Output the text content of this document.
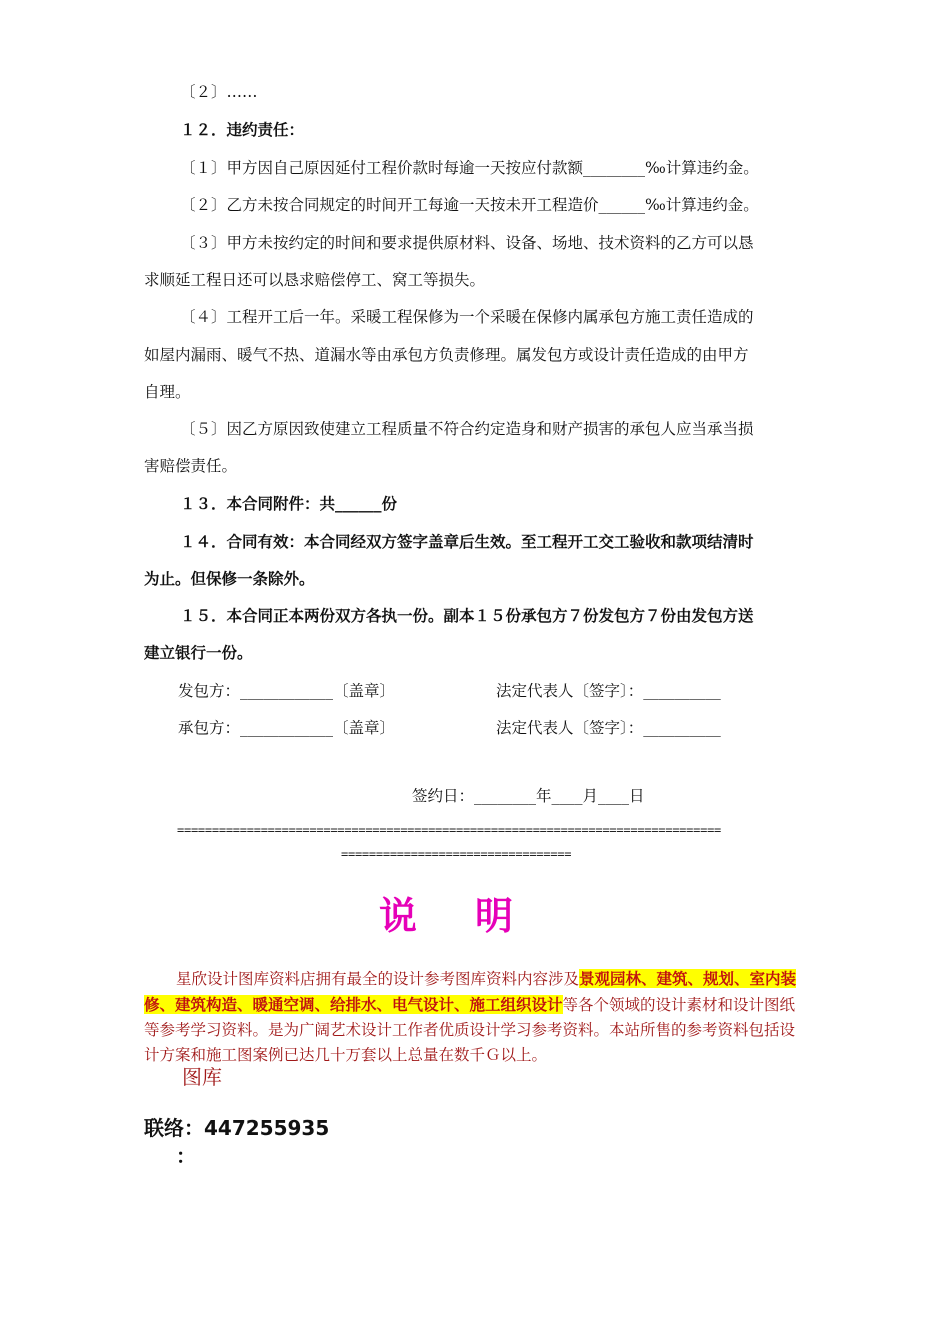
〔２〕……
１２．违约责任：
〔１〕甲方因自己原因延付工程价款时每逾一天按应付款额________‰计算违约金。
〔２〕乙方未按合同规定的时间开工每逾一天按未开工程造价______‰计算违约金。
〔３〕甲方未按约定的时间和要求提供原材料、设备、场地、技术资料的乙方可以恳
求顺延工程日还可以恳求赔偿停工、窝工等损失。
〔４〕工程开工后一年。采暖工程保修为一个采暖在保修内属承包方施工责任造成的
如屋内漏雨、暖气不热、道漏水等由承包方负责修理。属发包方或设计责任造成的由甲方
自理。
〔５〕因乙方原因致使建立工程质量不符合约定造身和财产损害的承包人应当承当损
害赔偿责任。
１３．本合同附件：共______份
１４．合同有效：本合同经双方签字盖章后生效。至工程开工交工验收和款项结清时
为止。但保修一条除外。
１５．本合同正本两份双方各执一份。副本１５份承包方７份发包方７份由发包方送
建立银行一份。
发包方：____________〔盖章〕	法定代表人〔签字〕：__________
承包方：____________〔盖章〕	法定代表人〔签字〕：__________
签约日：________年____月____日
==============================================================================
=================================
说明
星欣设计图库资料店拥有最全的设计参考图库资料内容涉及景观园林、建筑、规划、室内装修、建筑构造、暖通空调、给排水、电气设计、施工组织设计等各个领域的设计素材和设计图纸等参考学习资料。是为广阔艺术设计工作者优质设计学习参考资料。本站所售的参考资料包括设计方案和施工图案例已达几十万套以上总量在数千Ｇ以上。
图库
联络：447255935
：
